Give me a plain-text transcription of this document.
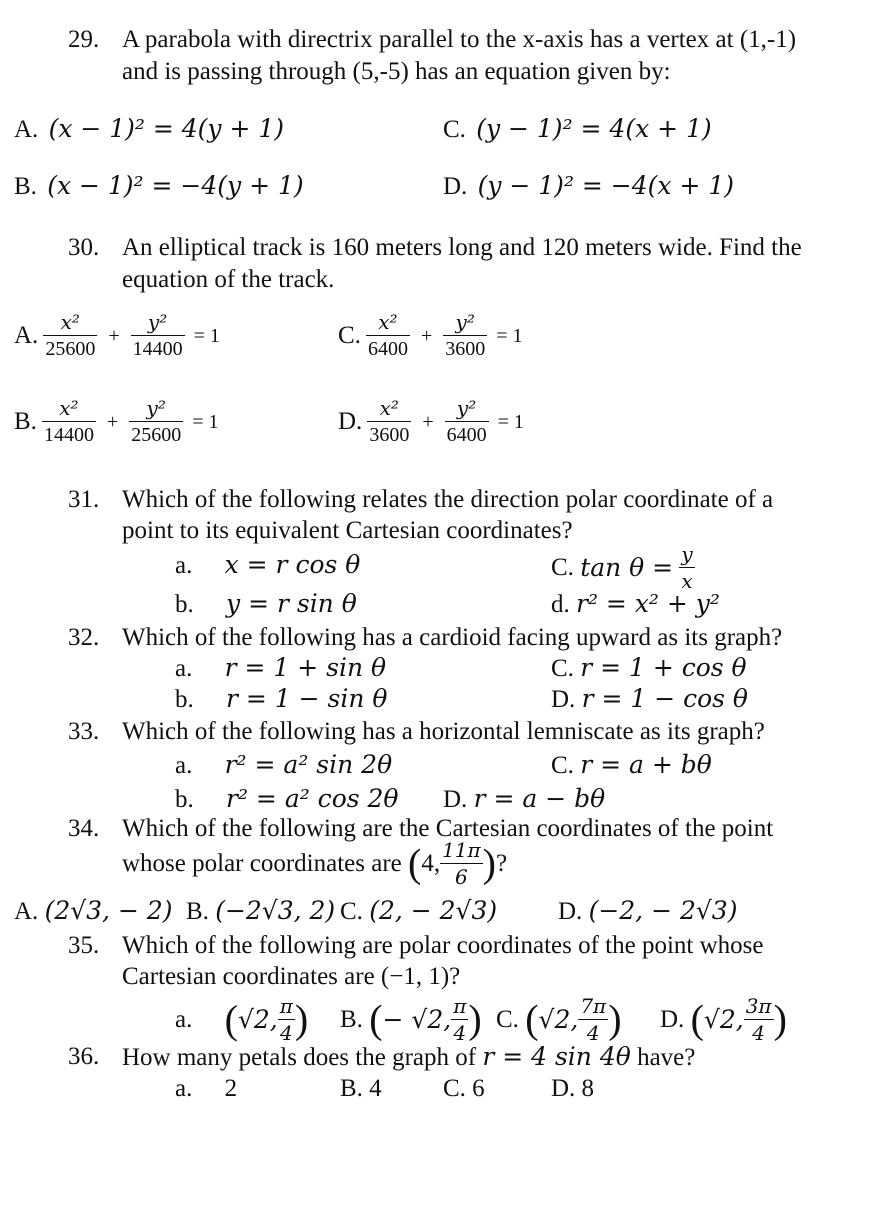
29. A parabola with directrix parallel to the x-axis has a vertex at (1,-1)
and is passing through (5,-5) has an equation given by:
A. (x − 1)² = 4(y + 1)
B. (x − 1)² = −4(y + 1)
C. (y − 1)² = 4(x + 1)
D. (y − 1)² = −4(x + 1)
30. An elliptical track is 160 meters long and 120 meters wide. Find the
equation of the track.
A. $\frac{\text{x²}}{25600} + \frac{\text{y²}}{14400} = 1$
B. $\frac{\text{x²}}{14400} + \frac{\text{y²}}{25600} = 1$
C. $\frac{\text{x²}}{6400} + \frac{\text{y²}}{3600} = 1$
D. $\frac{\text{x²}}{3600} + \frac{\text{y²}}{6400} = 1$
31. Which of the following relates the direction polar coordinate of a
point to its equivalent Cartesian coordinates?
a. x = r cos θ
b. y = r sin θ
C. $\tan \theta = \frac{y}{x}$
d. r² = x² + y²
32. Which of the following has a cardioid facing upward as its graph?
a. r = 1 + sin θ
b. r = 1 − sin θ
C. r = 1 + cos θ
D. r = 1 − cos θ
33. Which of the following has a horizontal lemniscate as its graph?
a. r² = a² sin 2θ
b. r² = a² cos 2θ
C. r = a + bθ
D. r = a − bθ
34. Which of the following are the Cartesian coordinates of the point
whose polar coordinates are (4, $\frac{11\pi}{6}$ )?
A. (2√3, − 2) B. (−2√3, 2) C. (2, − 2√3) D. (−2, − 2√3)
35. Which of the following are polar coordinates of the point whose
Cartesian coordinates are (−1, 1)?
a. (√2, $\frac{\pi}{4}$ ) B. (− √2, $\frac{\pi}{4}$ ) C. (√2, $\frac{7\pi}{4}$ ) D. (√2, $\frac{3\pi}{4}$ )
36. How many petals does the graph of r = 4 sin 4θ have?
a. 2	B. 4 C. 6	D. 8
